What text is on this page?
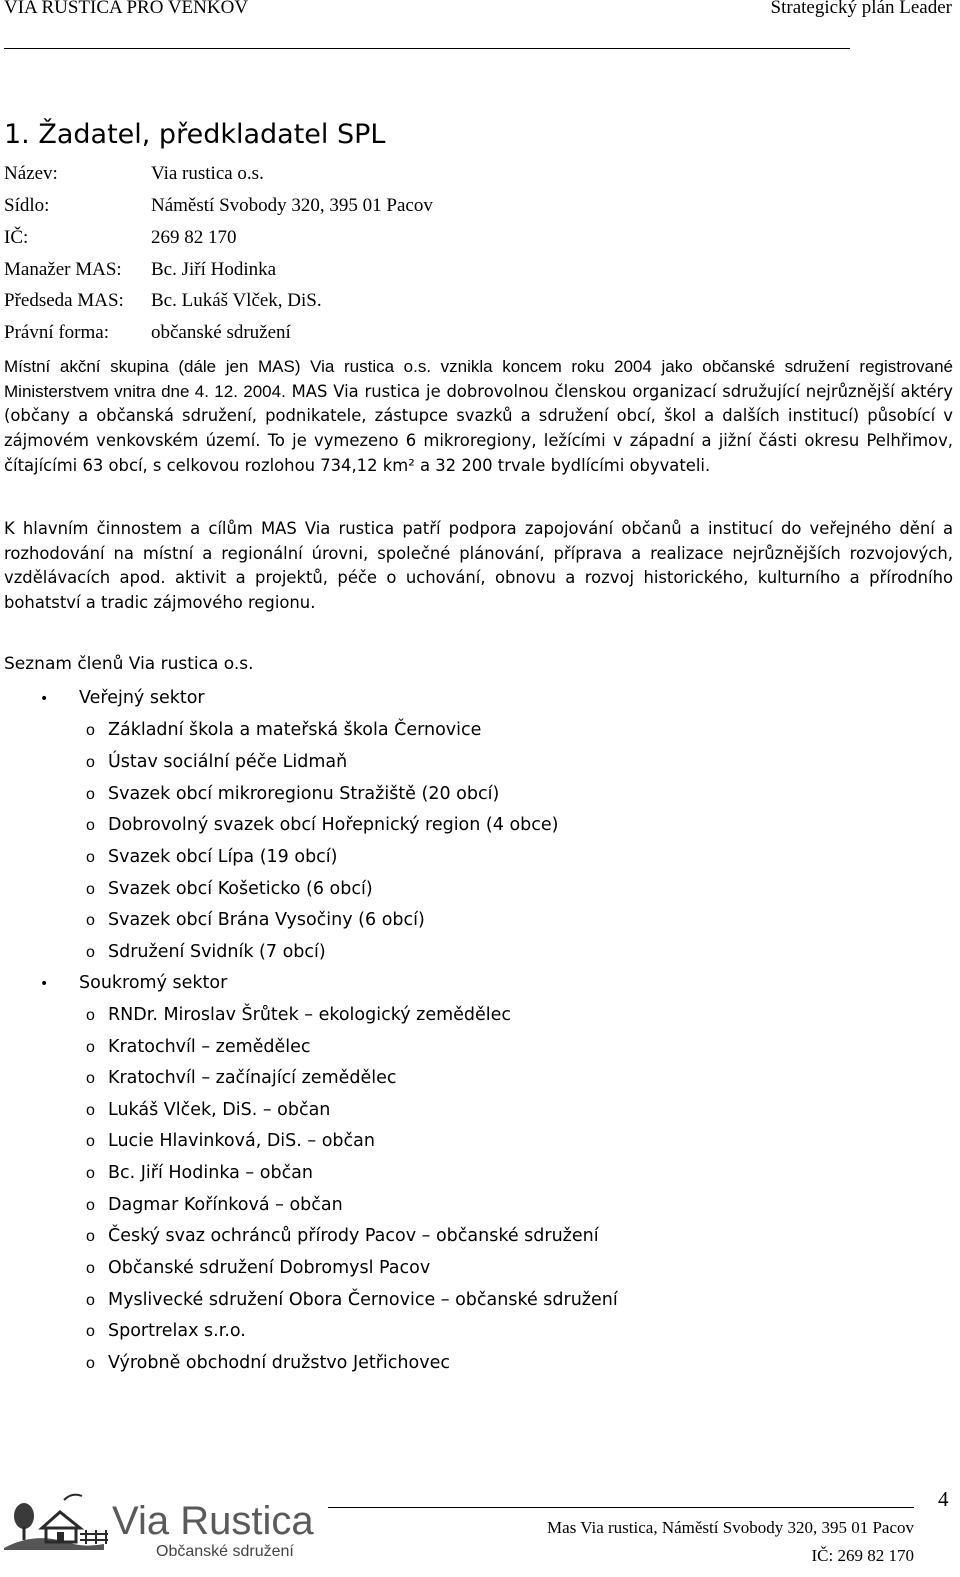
VIA RUSTICA PRO VENKOV	Strategický plán Leader
1. Žadatel, předkladatel SPL
Název:	Via rustica o.s.
Sídlo:	Náměstí Svobody 320, 395 01 Pacov
IČ:	269 82 170
Manažer MAS: Bc. Jiří Hodinka
Předseda MAS: Bc. Lukáš Vlček, DiS.
Právní forma: občanské sdružení
Místní akční skupina (dále jen MAS) Via rustica o.s. vznikla koncem roku 2004 jako občanské sdružení registrované Ministerstvem vnitra dne 4. 12. 2004. MAS Via rustica je dobrovolnou členskou organizací sdružující nejrůznější aktéry (občany a občanská sdružení, podnikatele, zástupce svazků a sdružení obcí, škol a dalších institucí) působící v zájmovém venkovském území. To je vymezeno 6 mikroregiony, ležícími v západní a jižní části okresu Pelhřimov, čítajícími 63 obcí, s celkovou rozlohou 734,12 km² a 32 200 trvale bydlícími obyvateli.
K hlavním činnostem a cílům MAS Via rustica patří podpora zapojování občanů a institucí do veřejného dění a rozhodování na místní a regionální úrovni, společné plánování, příprava a realizace nejrůznějších rozvojových, vzdělávacích apod. aktivit a projektů, péče o uchování, obnovu a rozvoj historického, kulturního a přírodního bohatství a tradic zájmového regionu.
Seznam členů Via rustica o.s.
• Veřejný sektor
o Základní škola a mateřská škola Černovice
o Ústav sociální péče Lidmaň
o Svazek obcí mikroregionu Stražiště (20 obcí)
o Dobrovolný svazek obcí Hořepnický region (4 obce)
o Svazek obcí Lípa (19 obcí)
o Svazek obcí Košeticko (6 obcí)
o Svazek obcí Brána Vysočiny (6 obcí)
o Sdružení Svidník (7 obcí)
• Soukromý sektor
o RNDr. Miroslav Šrůtek – ekologický zemědělec
o Kratochvíl – zemědělec
o Kratochvíl – začínající zemědělec
o Lukáš Vlček, DiS. – občan
o Lucie Hlavinková, DiS. – občan
o Bc. Jiří Hodinka – občan
o Dagmar Kořínková – občan
o Český svaz ochránců přírody Pacov – občanské sdružení
o Občanské sdružení Dobromysl Pacov
o Myslivecké sdružení Obora Černovice – občanské sdružení
o Sportrelax s.r.o.
o Výrobně obchodní družstvo Jetřichovec
Via Rustica
Občanské sdružení
4
Mas Via rustica, Náměstí Svobody 320, 395 01 Pacov
IČ: 269 82 170
